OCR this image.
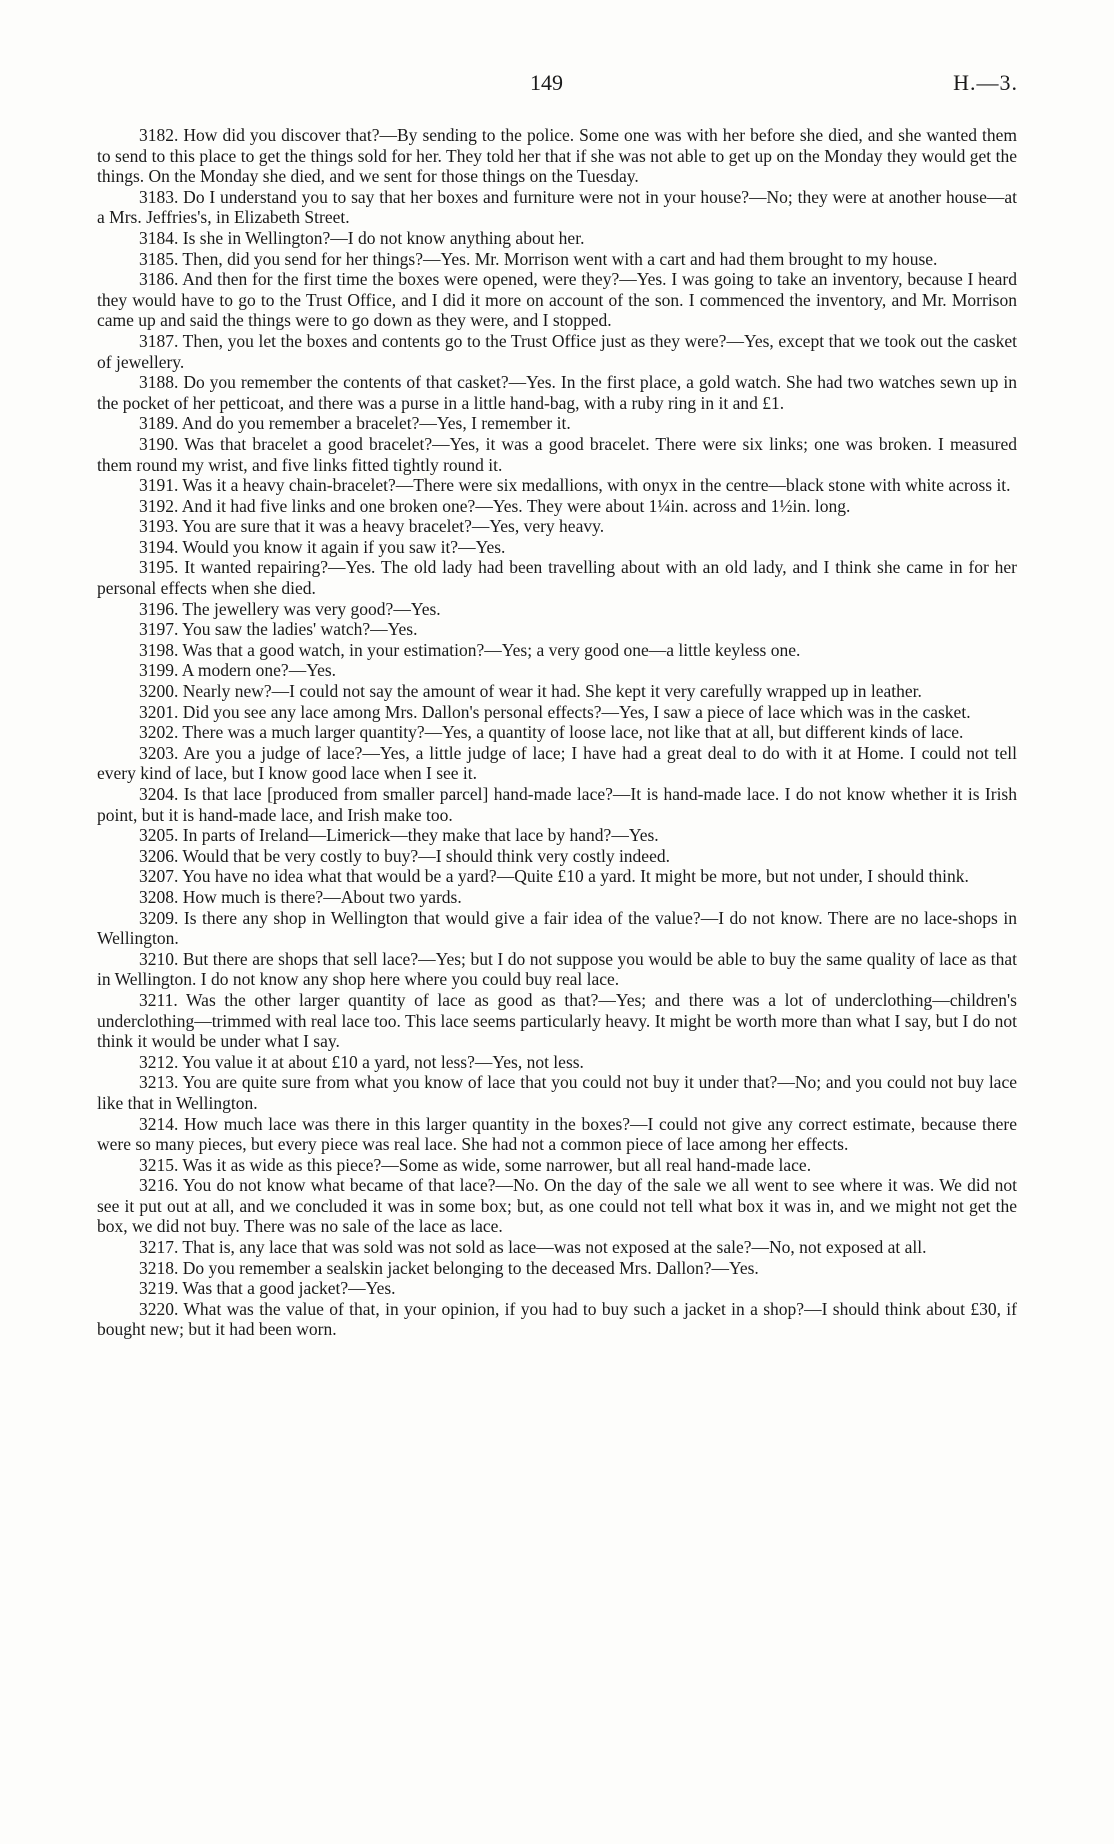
149	H.—3.

3182. How did you discover that?—By sending to the police. Some one was with her before she died, and she wanted them to send to this place to get the things sold for her. They told her that if she was not able to get up on the Monday they would get the things. On the Monday she died, and we sent for those things on the Tuesday.

3183. Do I understand you to say that her boxes and furniture were not in your house?—No; they were at another house—at a Mrs. Jeffries's, in Elizabeth Street.

3184. Is she in Wellington?—I do not know anything about her.

3185. Then, did you send for her things?—Yes. Mr. Morrison went with a cart and had them brought to my house.

3186. And then for the first time the boxes were opened, were they?—Yes. I was going to take an inventory, because I heard they would have to go to the Trust Office, and I did it more on account of the son. I commenced the inventory, and Mr. Morrison came up and said the things were to go down as they were, and I stopped.

3187. Then, you let the boxes and contents go to the Trust Office just as they were?—Yes, except that we took out the casket of jewellery.

3188. Do you remember the contents of that casket?—Yes. In the first place, a gold watch. She had two watches sewn up in the pocket of her petticoat, and there was a purse in a little hand-bag, with a ruby ring in it and £1.

3189. And do you remember a bracelet?—Yes, I remember it.

3190. Was that bracelet a good bracelet?—Yes, it was a good bracelet. There were six links; one was broken. I measured them round my wrist, and five links fitted tightly round it.

3191. Was it a heavy chain-bracelet?—There were six medallions, with onyx in the centre—black stone with white across it.

3192. And it had five links and one broken one?—Yes. They were about 1¼in. across and 1½in. long.

3193. You are sure that it was a heavy bracelet?—Yes, very heavy.

3194. Would you know it again if you saw it?—Yes.

3195. It wanted repairing?—Yes. The old lady had been travelling about with an old lady, and I think she came in for her personal effects when she died.

3196. The jewellery was very good?—Yes.

3197. You saw the ladies' watch?—Yes.

3198. Was that a good watch, in your estimation?—Yes; a very good one—a little keyless one.

3199. A modern one?—Yes.

3200. Nearly new?—I could not say the amount of wear it had. She kept it very carefully wrapped up in leather.

3201. Did you see any lace among Mrs. Dallon's personal effects?—Yes, I saw a piece of lace which was in the casket.

3202. There was a much larger quantity?—Yes, a quantity of loose lace, not like that at all, but different kinds of lace.

3203. Are you a judge of lace?—Yes, a little judge of lace; I have had a great deal to do with it at Home. I could not tell every kind of lace, but I know good lace when I see it.

3204. Is that lace [produced from smaller parcel] hand-made lace?—It is hand-made lace. I do not know whether it is Irish point, but it is hand-made lace, and Irish make too.

3205. In parts of Ireland—Limerick—they make that lace by hand?—Yes.

3206. Would that be very costly to buy?—I should think very costly indeed.

3207. You have no idea what that would be a yard?—Quite £10 a yard. It might be more, but not under, I should think.

3208. How much is there?—About two yards.

3209. Is there any shop in Wellington that would give a fair idea of the value?—I do not know. There are no lace-shops in Wellington.

3210. But there are shops that sell lace?—Yes; but I do not suppose you would be able to buy the same quality of lace as that in Wellington. I do not know any shop here where you could buy real lace.

3211. Was the other larger quantity of lace as good as that?—Yes; and there was a lot of underclothing—children's underclothing—trimmed with real lace too. This lace seems particularly heavy. It might be worth more than what I say, but I do not think it would be under what I say.

3212. You value it at about £10 a yard, not less?—Yes, not less.

3213. You are quite sure from what you know of lace that you could not buy it under that?—No; and you could not buy lace like that in Wellington.

3214. How much lace was there in this larger quantity in the boxes?—I could not give any correct estimate, because there were so many pieces, but every piece was real lace. She had not a common piece of lace among her effects.

3215. Was it as wide as this piece?—Some as wide, some narrower, but all real hand-made lace.

3216. You do not know what became of that lace?—No. On the day of the sale we all went to see where it was. We did not see it put out at all, and we concluded it was in some box; but, as one could not tell what box it was in, and we might not get the box, we did not buy. There was no sale of the lace as lace.

3217. That is, any lace that was sold was not sold as lace—was not exposed at the sale?—No, not exposed at all.

3218. Do you remember a sealskin jacket belonging to the deceased Mrs. Dallon?—Yes.

3219. Was that a good jacket?—Yes.

3220. What was the value of that, in your opinion, if you had to buy such a jacket in a shop?—I should think about £30, if bought new; but it had been worn.
